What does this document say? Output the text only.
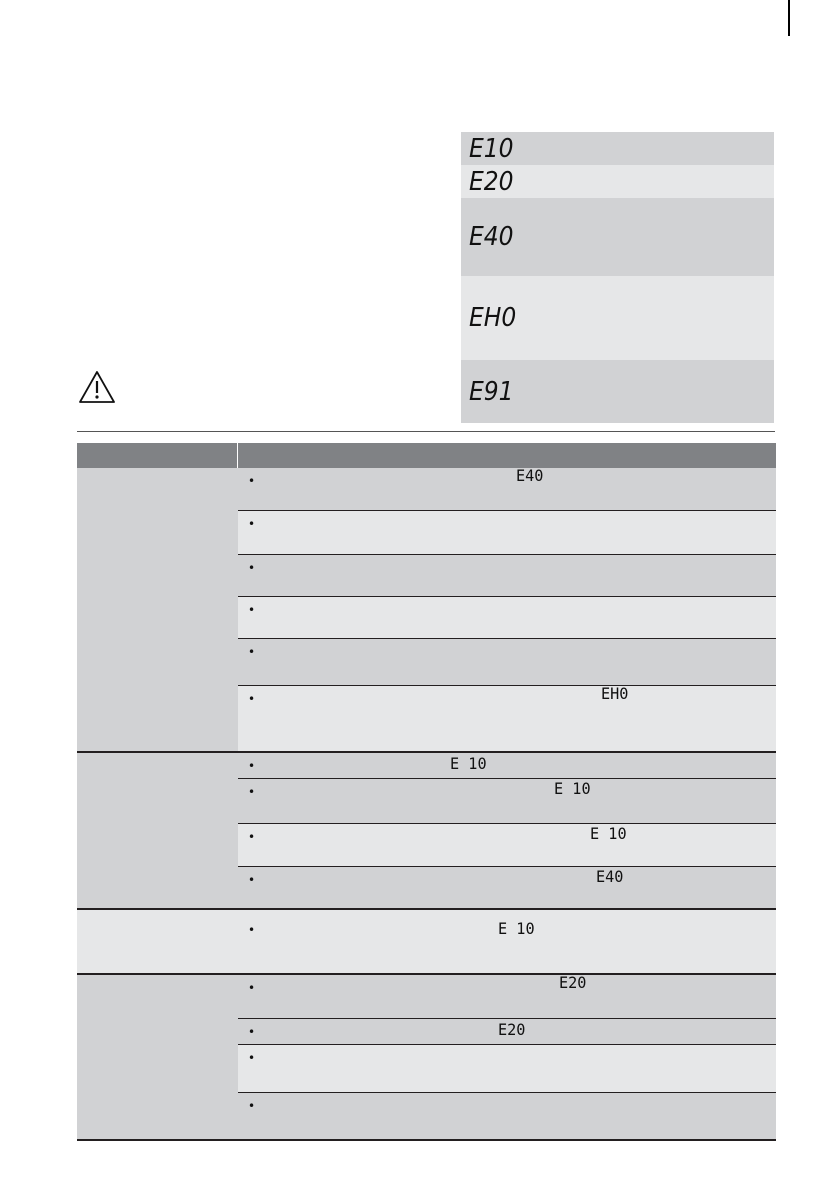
E10
E20
E40
EH0
E91
•	E40
•
•
•
•
•	EH0
•	E 10
•	E 10
•	E 10
•	E40
•	E 10
•	E20
•	E20
•
•
